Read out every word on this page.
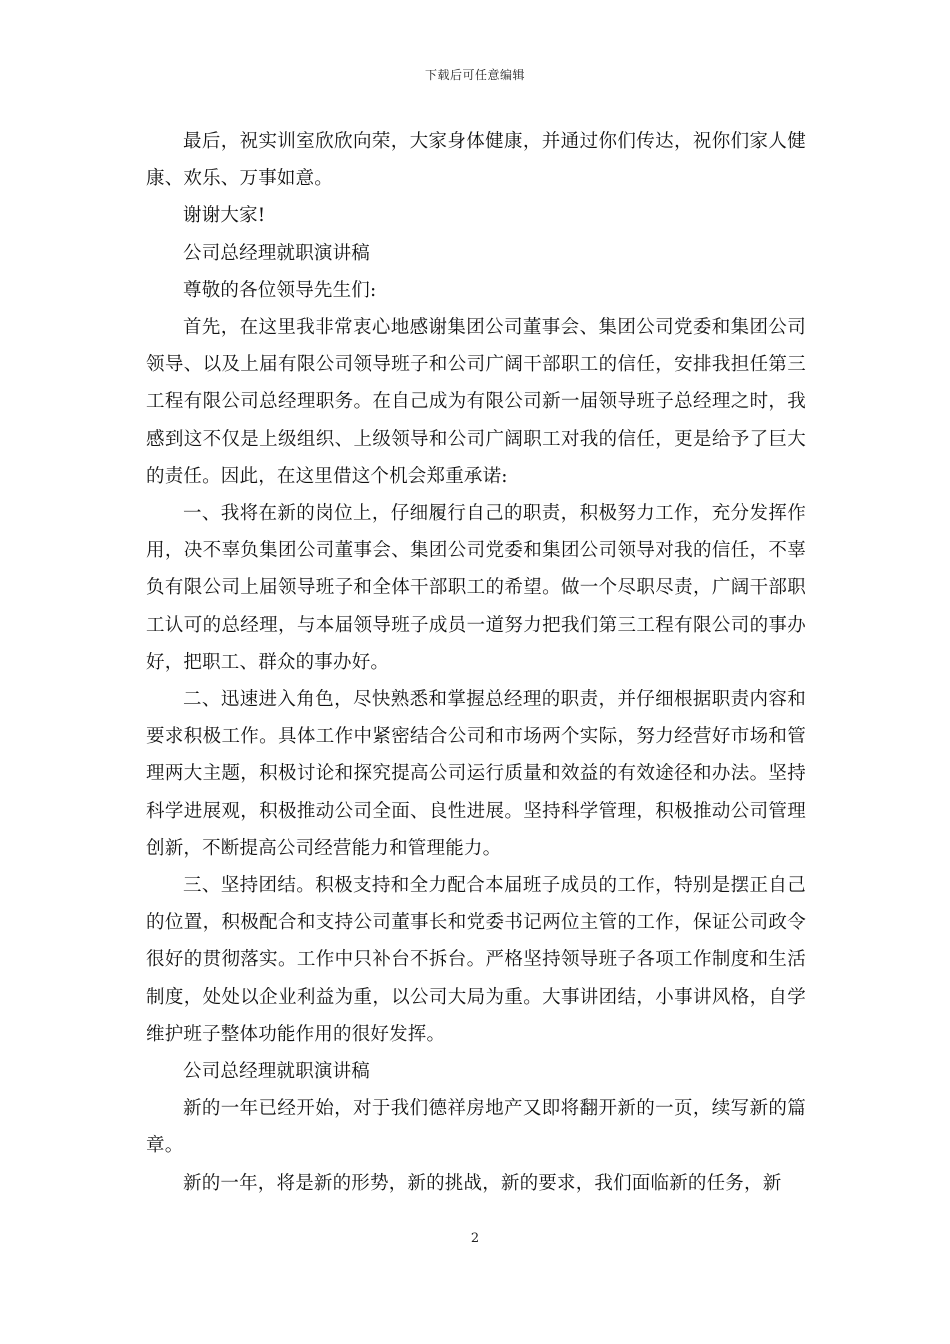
下载后可任意编辑

最后，祝实训室欣欣向荣，大家身体健康，并通过你们传达，祝你们家人健康、欢乐、万事如意。

谢谢大家!

公司总经理就职演讲稿

尊敬的各位领导先生们:

首先，在这里我非常衷心地感谢集团公司董事会、集团公司党委和集团公司领导、以及上届有限公司领导班子和公司广阔干部职工的信任，安排我担任第三工程有限公司总经理职务。在自己成为有限公司新一届领导班子总经理之时，我感到这不仅是上级组织、上级领导和公司广阔职工对我的信任，更是给予了巨大的责任。因此，在这里借这个机会郑重承诺:

一、我将在新的岗位上，仔细履行自己的职责，积极努力工作，充分发挥作用，决不辜负集团公司董事会、集团公司党委和集团公司领导对我的信任，不辜负有限公司上届领导班子和全体干部职工的希望。做一个尽职尽责，广阔干部职工认可的总经理，与本届领导班子成员一道努力把我们第三工程有限公司的事办好，把职工、群众的事办好。

二、迅速进入角色，尽快熟悉和掌握总经理的职责，并仔细根据职责内容和要求积极工作。具体工作中紧密结合公司和市场两个实际，努力经营好市场和管理两大主题，积极讨论和探究提高公司运行质量和效益的有效途径和办法。坚持科学进展观，积极推动公司全面、良性进展。坚持科学管理，积极推动公司管理创新，不断提高公司经营能力和管理能力。

三、坚持团结。积极支持和全力配合本届班子成员的工作，特别是摆正自己的位置，积极配合和支持公司董事长和党委书记两位主管的工作，保证公司政令很好的贯彻落实。工作中只补台不拆台。严格坚持领导班子各项工作制度和生活制度，处处以企业利益为重，以公司大局为重。大事讲团结，小事讲风格，自学维护班子整体功能作用的很好发挥。

公司总经理就职演讲稿

新的一年已经开始，对于我们德祥房地产又即将翻开新的一页，续写新的篇章。

新的一年，将是新的形势，新的挑战，新的要求，我们面临新的任务，新

2
